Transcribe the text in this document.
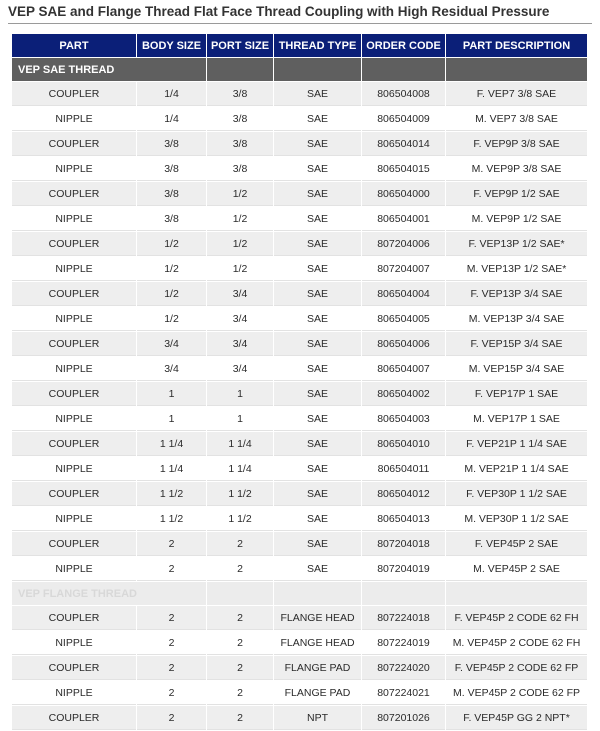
VEP SAE and Flange Thread Flat Face Thread Coupling with High Residual Pressure
PART	BODY SIZE	PORT SIZE	THREAD TYPE	ORDER CODE	PART DESCRIPTION
VEP SAE THREAD					
COUPLER	1/4	3/8	SAE	806504008	F. VEP7 3/8 SAE
NIPPLE	1/4	3/8	SAE	806504009	M. VEP7 3/8 SAE
COUPLER	3/8	3/8	SAE	806504014	F. VEP9P 3/8 SAE
NIPPLE	3/8	3/8	SAE	806504015	M. VEP9P 3/8 SAE
COUPLER	3/8	1/2	SAE	806504000	F. VEP9P 1/2 SAE
NIPPLE	3/8	1/2	SAE	806504001	M. VEP9P 1/2 SAE
COUPLER	1/2	1/2	SAE	807204006	F. VEP13P 1/2 SAE*
NIPPLE	1/2	1/2	SAE	807204007	M. VEP13P 1/2 SAE*
COUPLER	1/2	3/4	SAE	806504004	F. VEP13P 3/4 SAE
NIPPLE	1/2	3/4	SAE	806504005	M. VEP13P 3/4 SAE
COUPLER	3/4	3/4	SAE	806504006	F. VEP15P 3/4 SAE
NIPPLE	3/4	3/4	SAE	806504007	M. VEP15P 3/4 SAE
COUPLER	1	1	SAE	806504002	F. VEP17P 1 SAE
NIPPLE	1	1	SAE	806504003	M. VEP17P 1 SAE
COUPLER	1 1/4	1 1/4	SAE	806504010	F. VEP21P 1 1/4 SAE
NIPPLE	1 1/4	1 1/4	SAE	806504011	M. VEP21P 1 1/4 SAE
COUPLER	1 1/2	1 1/2	SAE	806504012	F. VEP30P 1 1/2 SAE
NIPPLE	1 1/2	1 1/2	SAE	806504013	M. VEP30P 1 1/2 SAE
COUPLER	2	2	SAE	807204018	F. VEP45P 2 SAE
NIPPLE	2	2	SAE	807204019	M. VEP45P 2 SAE
VEP FLANGE THREAD					
COUPLER	2	2	FLANGE HEAD	807224018	F. VEP45P 2 CODE 62 FH
NIPPLE	2	2	FLANGE HEAD	807224019	M. VEP45P 2 CODE 62 FH
COUPLER	2	2	FLANGE PAD	807224020	F. VEP45P 2 CODE 62 FP
NIPPLE	2	2	FLANGE PAD	807224021	M. VEP45P 2 CODE 62 FP
COUPLER	2	2	NPT	807201026	F. VEP45P GG 2 NPT*
